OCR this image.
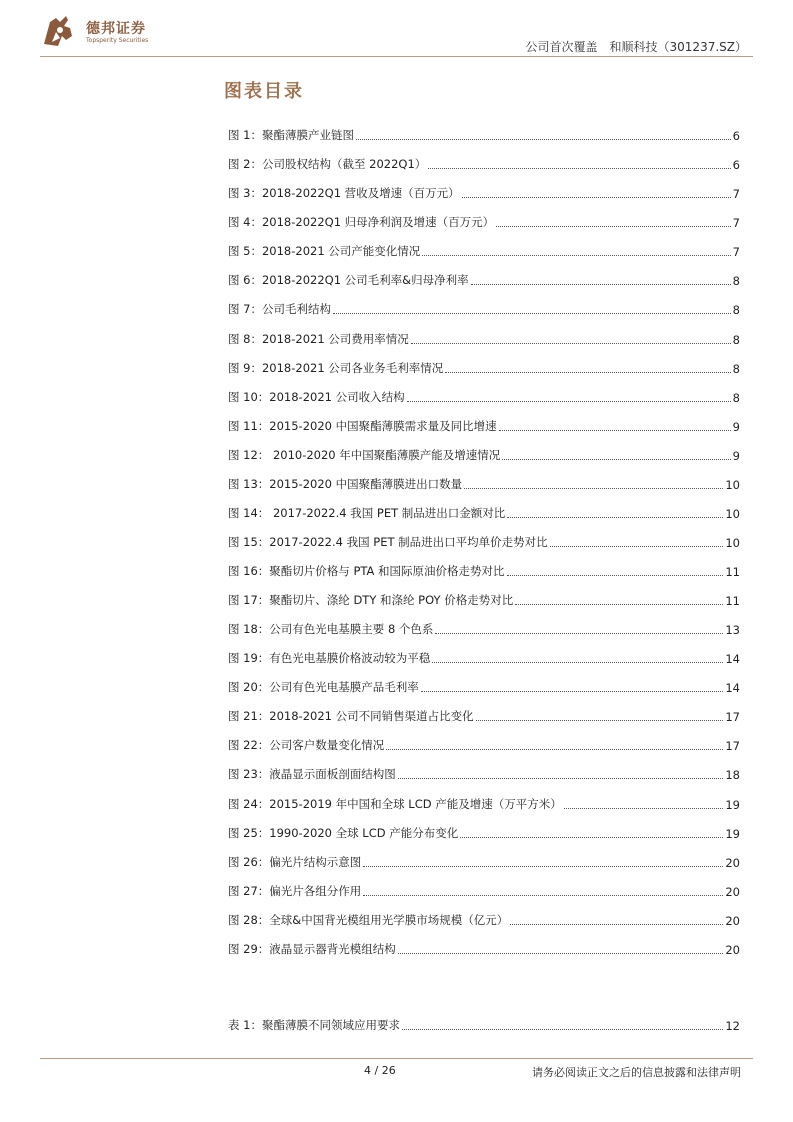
德邦证券
Topsperity Securities	公司首次覆盖　和顺科技（301237.SZ）
图表目录
图 1：聚酯薄膜产业链图	6
图 2：公司股权结构（截至 2022Q1）	6
图 3：2018-2022Q1 营收及增速（百万元）	7
图 4：2018-2022Q1 归母净利润及增速（百万元）	7
图 5：2018-2021 公司产能变化情况	7
图 6：2018-2022Q1 公司毛利率&归母净利率	8
图 7：公司毛利结构	8
图 8：2018-2021 公司费用率情况	8
图 9：2018-2021 公司各业务毛利率情况	8
图 10：2018-2021 公司收入结构	8
图 11：2015-2020 中国聚酯薄膜需求量及同比增速	9
图 12： 2010-2020 年中国聚酯薄膜产能及增速情况	9
图 13：2015-2020 中国聚酯薄膜进出口数量	10
图 14： 2017-2022.4 我国 PET 制品进出口金额对比	10
图 15：2017-2022.4 我国 PET 制品进出口平均单价走势对比	10
图 16：聚酯切片价格与 PTA 和国际原油价格走势对比	11
图 17：聚酯切片、涤纶 DTY 和涤纶 POY 价格走势对比	11
图 18：公司有色光电基膜主要 8 个色系	13
图 19：有色光电基膜价格波动较为平稳	14
图 20：公司有色光电基膜产品毛利率	14
图 21：2018-2021 公司不同销售渠道占比变化	17
图 22：公司客户数量变化情况	17
图 23：液晶显示面板剖面结构图	18
图 24：2015-2019 年中国和全球 LCD 产能及增速（万平方米）	19
图 25：1990-2020 全球 LCD 产能分布变化	19
图 26：偏光片结构示意图	20
图 27：偏光片各组分作用	20
图 28：全球&中国背光模组用光学膜市场规模（亿元）	20
图 29：液晶显示器背光模组结构	20
表 1：聚酯薄膜不同领域应用要求	12
4 / 26	请务必阅读正文之后的信息披露和法律声明
